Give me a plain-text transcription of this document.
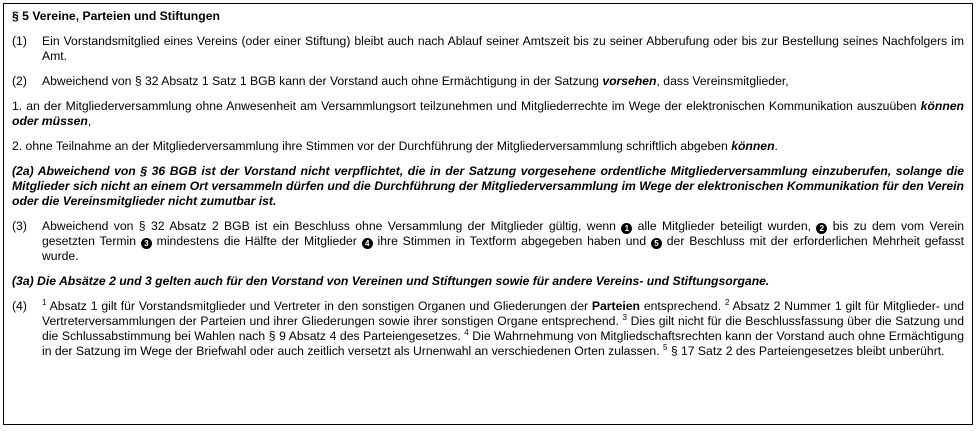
§ 5 Vereine, Parteien und Stiftungen
(1)	Ein Vorstandsmitglied eines Vereins (oder einer Stiftung) bleibt auch nach Ablauf seiner Amtszeit bis zu seiner Abberufung oder bis zur Bestellung seines Nachfolgers im Amt.
(2)	Abweichend von § 32 Absatz 1 Satz 1 BGB kann der Vorstand auch ohne Ermächtigung in der Satzung vorsehen, dass Vereinsmitglieder,
1. an der Mitgliederversammlung ohne Anwesenheit am Versammlungsort teilzunehmen und Mitgliederrechte im Wege der elektronischen Kommunikation auszuüben können oder müssen,
2. ohne Teilnahme an der Mitgliederversammlung ihre Stimmen vor der Durchführung der Mitgliederversammlung schriftlich abgeben können.
(2a) Abweichend von § 36 BGB ist der Vorstand nicht verpflichtet, die in der Satzung vorgesehene ordentliche Mitgliederversammlung einzuberufen, solange die Mitglieder sich nicht an einem Ort versammeln dürfen und die Durchführung der Mitgliederversammlung im Wege der elektronischen Kommunikation für den Verein oder die Vereinsmitglieder nicht zumutbar ist.
(3)	Abweichend von § 32 Absatz 2 BGB ist ein Beschluss ohne Versammlung der Mitglieder gültig, wenn 1 alle Mitglieder beteiligt wurden, 2 bis zu dem vom Verein gesetzten Termin 3 mindestens die Hälfte der Mitglieder 4 ihre Stimmen in Textform abgegeben haben und 5 der Beschluss mit der erforderlichen Mehrheit gefasst wurde.
(3a) Die Absätze 2 und 3 gelten auch für den Vorstand von Vereinen und Stiftungen sowie für andere Vereins- und Stiftungsorgane.
(4)	$^1$ Absatz 1 gilt für Vorstandsmitglieder und Vertreter in den sonstigen Organen und Gliederungen der Parteien entsprechend. $^2$ Absatz 2 Nummer 1 gilt für Mitglieder- und Vertreterversammlungen der Parteien und ihrer Gliederungen sowie ihrer sonstigen Organe entsprechend. $^3$ Dies gilt nicht für die Beschlussfassung über die Satzung und die Schlussabstimmung bei Wahlen nach § 9 Absatz 4 des Parteiengesetzes. $^4$ Die Wahrnehmung von Mitgliedschaftsrechten kann der Vorstand auch ohne Ermächtigung in der Satzung im Wege der Briefwahl oder auch zeitlich versetzt als Urnenwahl an verschiedenen Orten zulassen. $^5$ § 17 Satz 2 des Parteiengesetzes bleibt unberührt.
